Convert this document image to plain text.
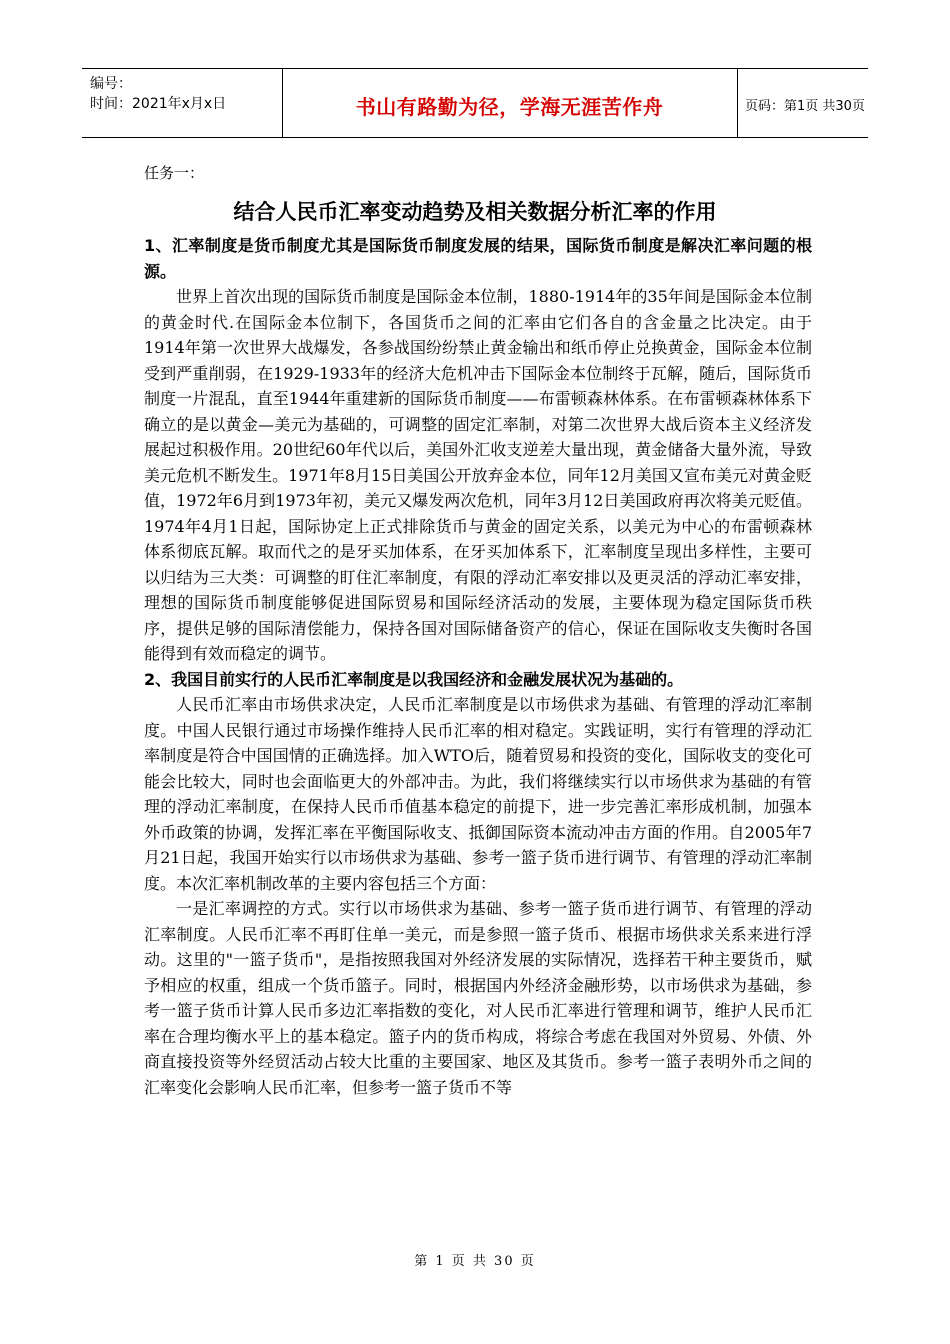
编号：
时间：2021年x月x日	书山有路勤为径，学海无涯苦作舟	页码：第1页 共30页
任务一：
结合人民币汇率变动趋势及相关数据分析汇率的作用

1、汇率制度是货币制度尤其是国际货币制度发展的结果，国际货币制度是解决汇率问题的根源。

世界上首次出现的国际货币制度是国际金本位制，1880-1914年的35年间是国际金本位制的黄金时代.在国际金本位制下，各国货币之间的汇率由它们各自的含金量之比决定。由于1914年第一次世界大战爆发，各参战国纷纷禁止黄金输出和纸币停止兑换黄金，国际金本位制受到严重削弱，在1929-1933年的经济大危机冲击下国际金本位制终于瓦解，随后，国际货币制度一片混乱，直至1944年重建新的国际货币制度——布雷顿森林体系。在布雷顿森林体系下确立的是以黄金—美元为基础的，可调整的固定汇率制，对第二次世界大战后资本主义经济发展起过积极作用。20世纪60年代以后，美国外汇收支逆差大量出现，黄金储备大量外流，导致美元危机不断发生。1971年8月15日美国公开放弃金本位，同年12月美国又宣布美元对黄金贬值，1972年6月到1973年初，美元又爆发两次危机，同年3月12日美国政府再次将美元贬值。1974年4月1日起，国际协定上正式排除货币与黄金的固定关系，以美元为中心的布雷顿森林体系彻底瓦解。取而代之的是牙买加体系，在牙买加体系下，汇率制度呈现出多样性，主要可以归结为三大类：可调整的盯住汇率制度，有限的浮动汇率安排以及更灵活的浮动汇率安排，理想的国际货币制度能够促进国际贸易和国际经济活动的发展，主要体现为稳定国际货币秩序，提供足够的国际清偿能力，保持各国对国际储备资产的信心，保证在国际收支失衡时各国能得到有效而稳定的调节。

2、我国目前实行的人民币汇率制度是以我国经济和金融发展状况为基础的。

人民币汇率由市场供求决定，人民币汇率制度是以市场供求为基础、有管理的浮动汇率制度。中国人民银行通过市场操作维持人民币汇率的相对稳定。实践证明，实行有管理的浮动汇率制度是符合中国国情的正确选择。加入WTO后，随着贸易和投资的变化，国际收支的变化可能会比较大，同时也会面临更大的外部冲击。为此，我们将继续实行以市场供求为基础的有管理的浮动汇率制度，在保持人民币币值基本稳定的前提下，进一步完善汇率形成机制，加强本外币政策的协调，发挥汇率在平衡国际收支、抵御国际资本流动冲击方面的作用。自2005年7月21日起，我国开始实行以市场供求为基础、参考一篮子货币进行调节、有管理的浮动汇率制度。本次汇率机制改革的主要内容包括三个方面：

一是汇率调控的方式。实行以市场供求为基础、参考一篮子货币进行调节、有管理的浮动汇率制度。人民币汇率不再盯住单一美元，而是参照一篮子货币、根据市场供求关系来进行浮动。这里的"一篮子货币"，是指按照我国对外经济发展的实际情况，选择若干种主要货币，赋予相应的权重，组成一个货币篮子。同时，根据国内外经济金融形势，以市场供求为基础，参考一篮子货币计算人民币多边汇率指数的变化，对人民币汇率进行管理和调节，维护人民币汇率在合理均衡水平上的基本稳定。篮子内的货币构成，将综合考虑在我国对外贸易、外债、外商直接投资等外经贸活动占较大比重的主要国家、地区及其货币。参考一篮子表明外币之间的汇率变化会影响人民币汇率，但参考一篮子货币不等

第 1 页 共 30 页
